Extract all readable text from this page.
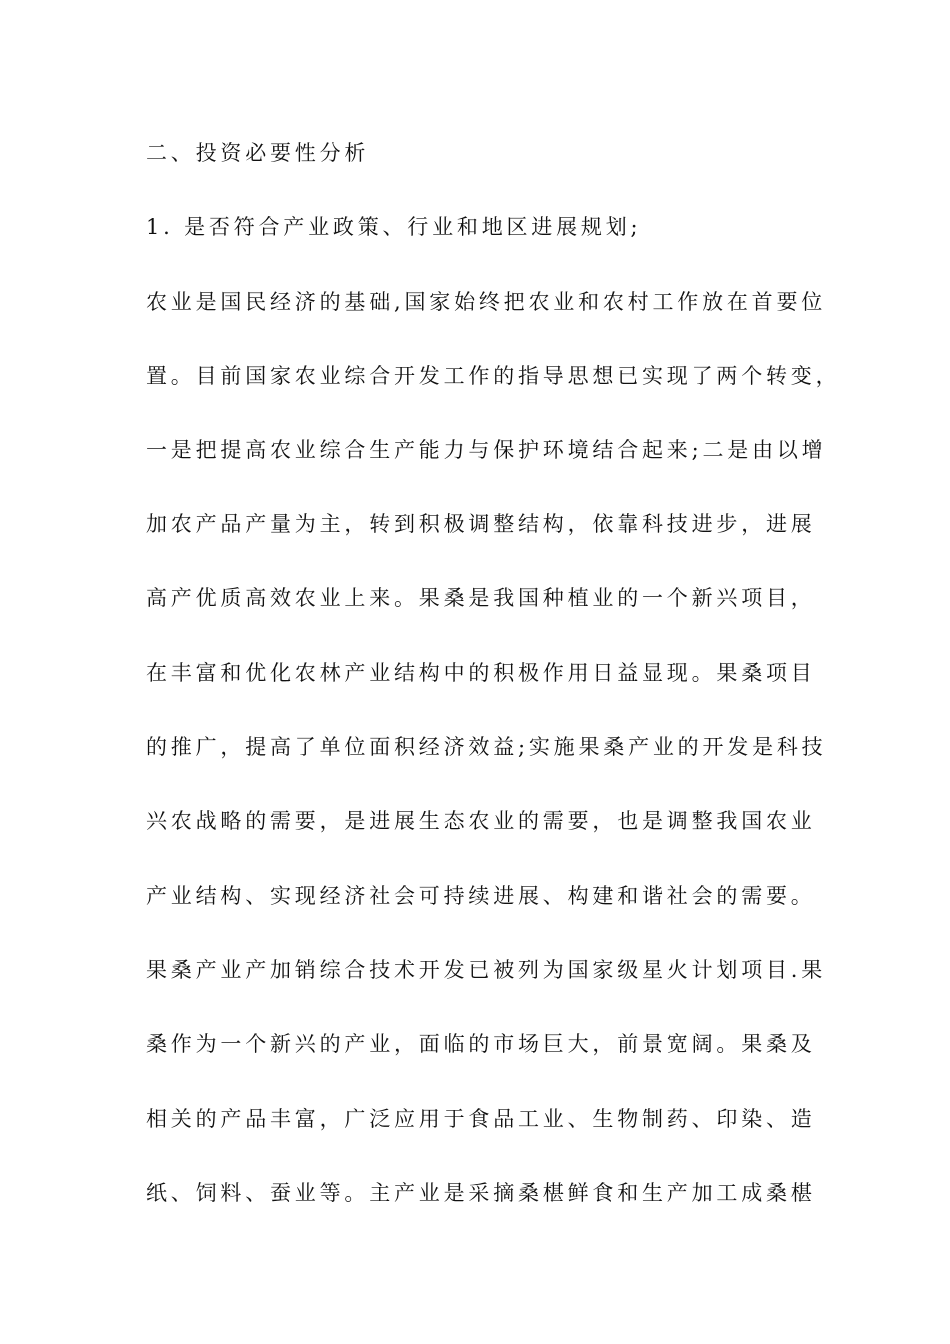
二、投资必要性分析
1. 是否符合产业政策、行业和地区进展规划;
农业是国民经济的基础,国家始终把农业和农村工作放在首要位
置。目前国家农业综合开发工作的指导思想已实现了两个转变，
一是把提高农业综合生产能力与保护环境结合起来;二是由以增
加农产品产量为主，转到积极调整结构，依靠科技进步，进展
高产优质高效农业上来。果桑是我国种植业的一个新兴项目，
在丰富和优化农林产业结构中的积极作用日益显现。果桑项目
的推广，提高了单位面积经济效益;实施果桑产业的开发是科技
兴农战略的需要，是进展生态农业的需要，也是调整我国农业
产业结构、实现经济社会可持续进展、构建和谐社会的需要。
果桑产业产加销综合技术开发已被列为国家级星火计划项目.果
桑作为一个新兴的产业，面临的市场巨大，前景宽阔。果桑及
相关的产品丰富，广泛应用于食品工业、生物制药、印染、造
纸、饲料、蚕业等。主产业是采摘桑椹鲜食和生产加工成桑椹
